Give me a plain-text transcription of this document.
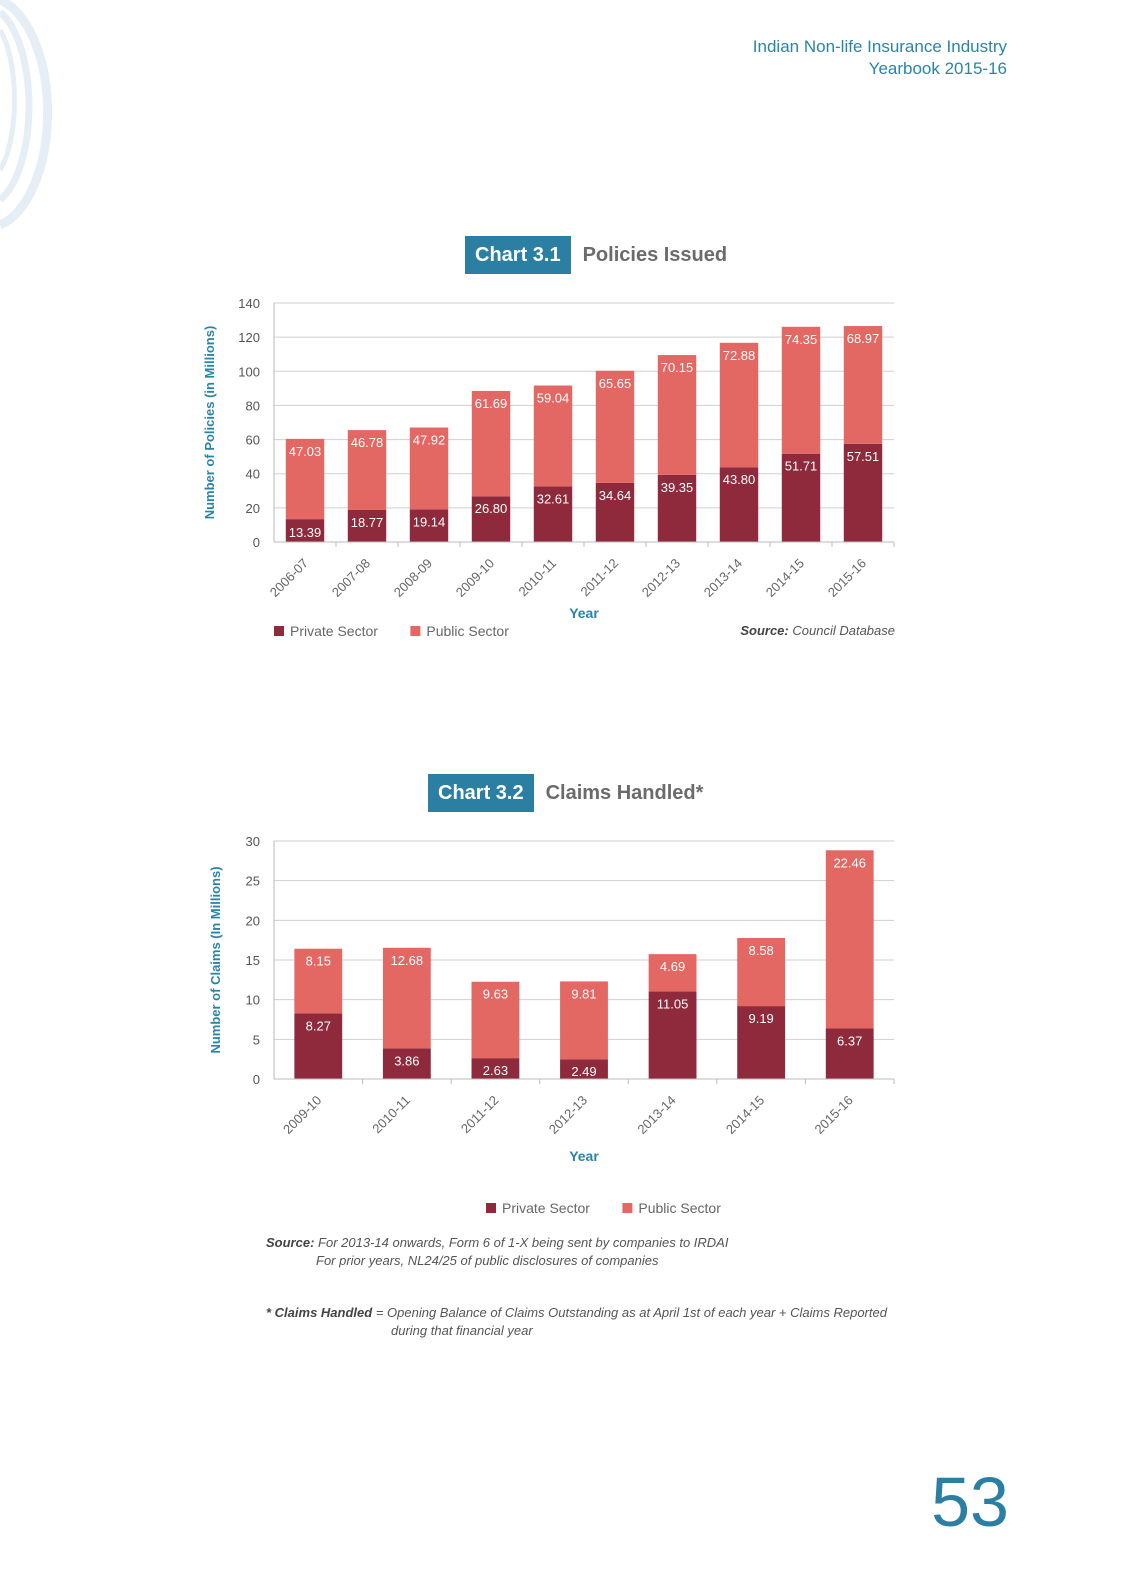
Indian Non-life Insurance Industry
Yearbook 2015-16
Chart 3.1	Policies Issued
0
20
40
60
80
100
120
140
13.39
47.03
2006-07
18.77
46.78
2007-08
19.14
47.92
2008-09
26.80
61.69
2009-10
32.61
59.04
2010-11
34.64
65.65
2011-12
39.35
70.15
2012-13
43.80
72.88
2013-14
51.71
74.35
2014-15
57.51
68.97
2015-16
Year
Number of Policies (in Millions)
Private Sector	Public Sector	Source: Council Database
Chart 3.2	Claims Handled*
0
5
10
15
20
25
30
8.27
8.15
2009-10
3.86
12.68
2010-11
2.63
9.63
2011-12
2.49
9.81
2012-13
11.05
4.69
2013-14
9.19
8.58
2014-15
6.37
22.46
2015-16
Year
Number of Claims (In Millions)
Private Sector	Public Sector
Source: For 2013-14 onwards, Form 6 of 1-X being sent by companies to IRDAI
For prior years, NL24/25 of public disclosures of companies
* Claims Handled = Opening Balance of Claims Outstanding as at April 1st of each year + Claims Reported
during that financial year
53
